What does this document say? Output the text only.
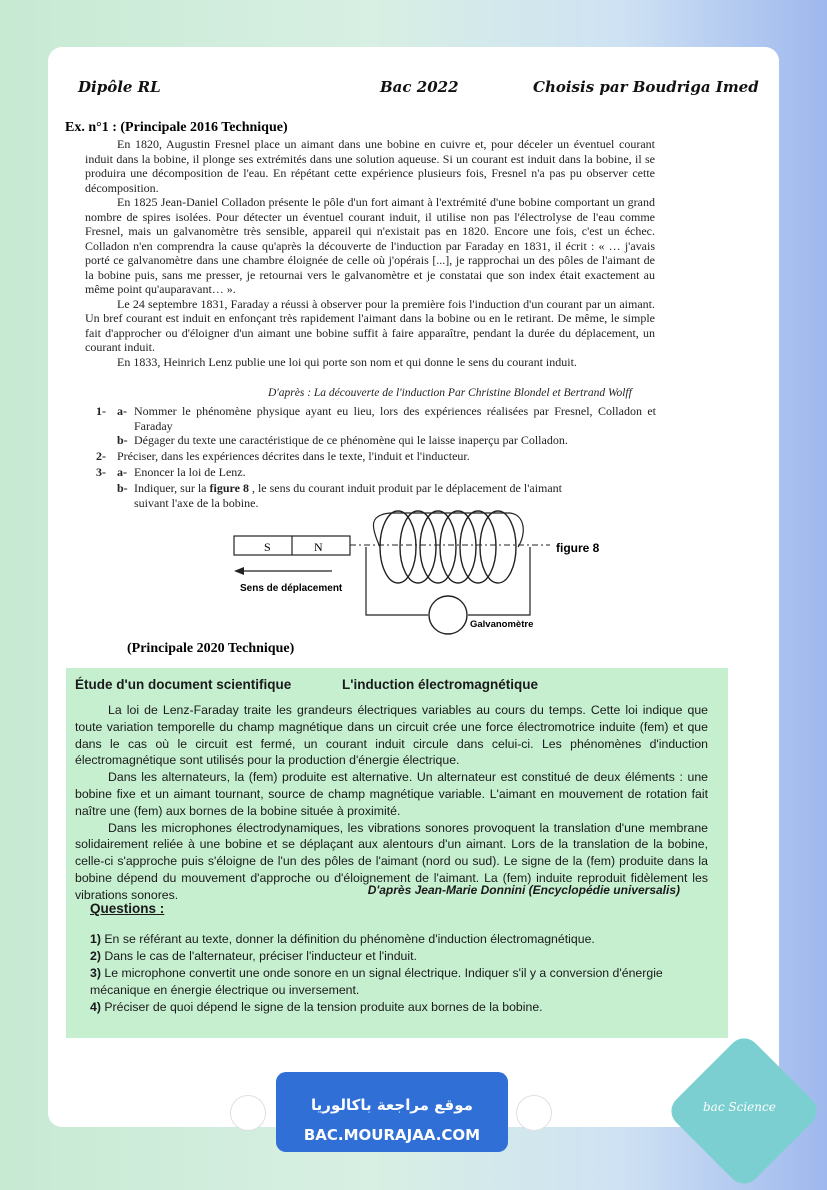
Dipôle RL	Bac 2022	Choisis par Boudriga Imed
Ex. n°1 : (Principale 2016 Technique)

En 1820, Augustin Fresnel place un aimant dans une bobine en cuivre et, pour déceler un éventuel courant induit dans la bobine, il plonge ses extrémités dans une solution aqueuse. Si un courant est induit dans la bobine, il se produira une décomposition de l'eau. En répétant cette expérience plusieurs fois, Fresnel n'a pas pu observer cette décomposition.

En 1825 Jean-Daniel Colladon présente le pôle d'un fort aimant à l'extrémité d'une bobine comportant un grand nombre de spires isolées. Pour détecter un éventuel courant induit, il utilise non pas l'électrolyse de l'eau comme Fresnel, mais un galvanomètre très sensible, appareil qui n'existait pas en 1820. Encore une fois, c'est un échec. Colladon n'en comprendra la cause qu'après la découverte de l'induction par Faraday en 1831, il écrit : « … j'avais porté ce galvanomètre dans une chambre éloignée de celle où j'opérais [...], je rapprochai un des pôles de l'aimant de la bobine puis, sans me presser, je retournai vers le galvanomètre et je constatai que son index était exactement au même point qu'auparavant… ».

Le 24 septembre 1831, Faraday a réussi à observer pour la première fois l'induction d'un courant par un aimant. Un bref courant est induit en enfonçant très rapidement l'aimant dans la bobine ou en le retirant. De même, le simple fait d'approcher ou d'éloigner d'un aimant une bobine suffit à faire apparaître, pendant la durée du déplacement, un courant induit.

En 1833, Heinrich Lenz publie une loi qui porte son nom et qui donne le sens du courant induit.

D'après : La découverte de l'induction Par Christine Blondel et Bertrand Wolff
1- a- Nommer le phénomène physique ayant eu lieu, lors des expériences réalisées par Fresnel, Colladon et Faraday
b- Dégager du texte une caractéristique de ce phénomène qui le laisse inaperçu par Colladon.
2- Préciser, dans les expériences décrites dans le texte, l'induit et l'inducteur.
3- a- Enoncer la loi de Lenz.
b- Indiquer, sur la figure 8 , le sens du courant induit produit par le déplacement de l'aimant suivant l'axe de la bobine.
S	N
Sens de déplacement
Galvanomètre
figure 8
(Principale 2020 Technique)
Étude d'un document scientifique	L'induction électromagnétique

La loi de Lenz-Faraday traite les grandeurs électriques variables au cours du temps. Cette loi indique que toute variation temporelle du champ magnétique dans un circuit crée une force électromotrice induite (fem) et que dans le cas où le circuit est fermé, un courant induit circule dans celui-ci. Les phénomènes d'induction électromagnétique sont utilisés pour la production d'énergie électrique.

Dans les alternateurs, la (fem) produite est alternative. Un alternateur est constitué de deux éléments : une bobine fixe et un aimant tournant, source de champ magnétique variable. L'aimant en mouvement de rotation fait naître une (fem) aux bornes de la bobine située à proximité.

Dans les microphones électrodynamiques, les vibrations sonores provoquent la translation d'une membrane solidairement reliée à une bobine et se déplaçant aux alentours d'un aimant. Lors de la translation de la bobine, celle-ci s'approche puis s'éloigne de l'un des pôles de l'aimant (nord ou sud). Le signe de la (fem) produite dans la bobine dépend du mouvement d'approche ou d'éloignement de l'aimant. La (fem) induite reproduit fidèlement les vibrations sonores.	D'après Jean-Marie Donnini (Encyclopédie universalis)
Questions :
1) En se référant au texte, donner la définition du phénomène d'induction électromagnétique.
2) Dans le cas de l'alternateur, préciser l'inducteur et l'induit.
3) Le microphone convertit une onde sonore en un signal électrique. Indiquer s'il y a conversion d'énergie mécanique en énergie électrique ou inversement.
4) Préciser de quoi dépend le signe de la tension produite aux bornes de la bobine.
موقع مراجعة باكالوريا
BAC.MOURAJAA.COM
bac Science
